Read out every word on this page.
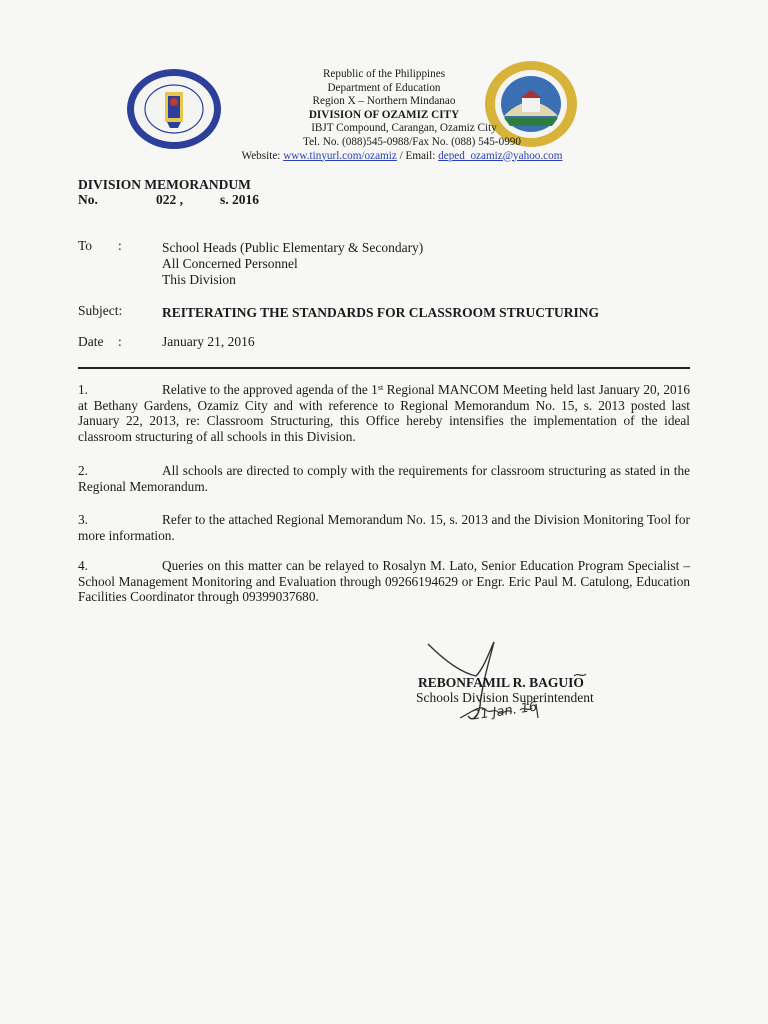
Republic of the Philippines
Department of Education
Region X – Northern Mindanao
DIVISION OF OZAMIZ CITY
IBJT Compound, Carangan, Ozamiz City
Tel. No. (088)545-0988/Fax No. (088) 545-0990
Website: www.tinyurl.com/ozamiz / Email: deped_ozamiz@yahoo.com
DIVISION MEMORANDUM
No.	022 ,	s. 2016
To :	School Heads (Public Elementary & Secondary)
All Concerned Personnel
This Division
Subject:	REITERATING THE STANDARDS FOR CLASSROOM STRUCTURING
Date :	January 21, 2016
1.	Relative to the approved agenda of the 1st Regional MANCOM Meeting held last January 20, 2016 at Bethany Gardens, Ozamiz City and with reference to Regional Memorandum No. 15, s. 2013 posted last January 22, 2013, re: Classroom Structuring, this Office hereby intensifies the implementation of the ideal classroom structuring of all schools in this Division.
2.	All schools are directed to comply with the requirements for classroom structuring as stated in the Regional Memorandum.
3.	Refer to the attached Regional Memorandum No. 15, s. 2013 and the Division Monitoring Tool for more information.
4.	Queries on this matter can be relayed to Rosalyn M. Lato, Senior Education Program Specialist – School Management Monitoring and Evaluation through 09266194629 or Engr. Eric Paul M. Catulong, Education Facilities Coordinator through 09399037680.
REBONFAMIL R. BAGUIO
Schools Division Superintendent
21 Jan. 16
